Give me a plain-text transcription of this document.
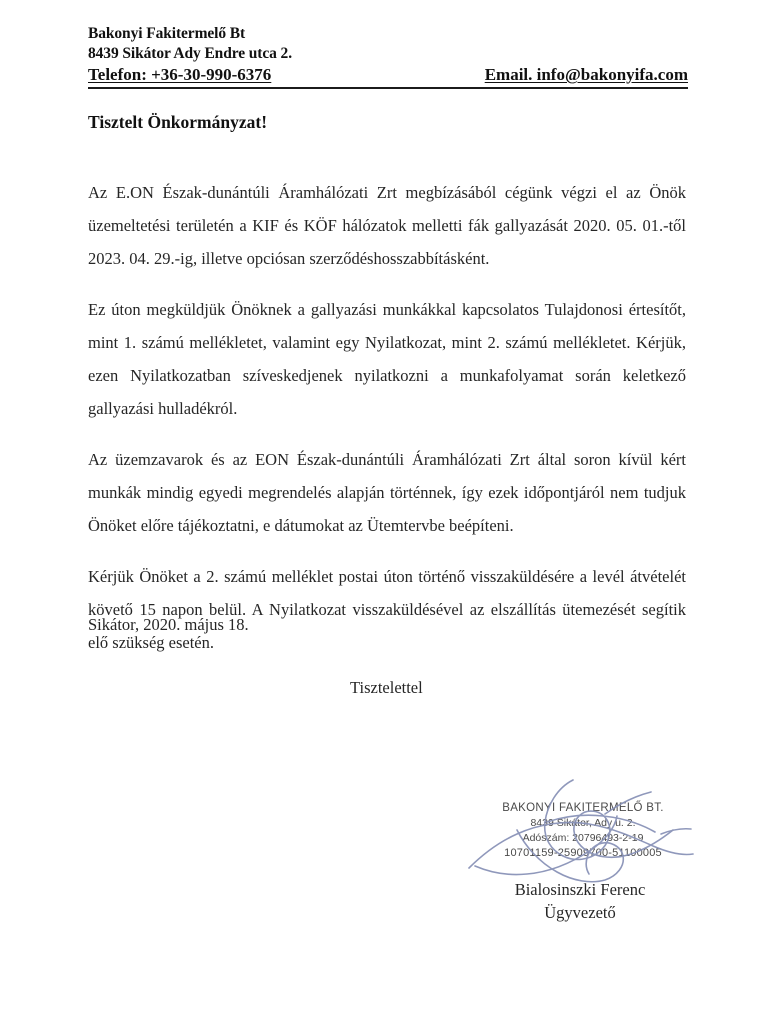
Bakonyi Fakitermelő Bt
8439 Sikátor Ady Endre utca 2.
Telefon: +36-30-990-6376	Email. info@bakonyifa.com
Tisztelt Önkormányzat!

Az E.ON Észak-dunántúli Áramhálózati Zrt megbízásából cégünk végzi el az Önök üzemeltetési területén a KIF és KÖF hálózatok melletti fák gallyazását 2020. 05. 01.-től 2023. 04. 29.-ig, illetve opciósan szerződéshosszabbításként.

Ez úton megküldjük Önöknek a gallyazási munkákkal kapcsolatos Tulajdonosi értesítőt, mint 1. számú mellékletet, valamint egy Nyilatkozat, mint 2. számú mellékletet. Kérjük, ezen Nyilatkozatban szíveskedjenek nyilatkozni a munkafolyamat során keletkező gallyazási hulladékról.

Az üzemzavarok és az EON Észak-dunántúli Áramhálózati Zrt által soron kívül kért munkák mindig egyedi megrendelés alapján történnek, így ezek időpontjáról nem tudjuk Önöket előre tájékoztatni, e dátumokat az Ütemtervbe beépíteni.

Kérjük Önöket a 2. számú melléklet postai úton történő visszaküldésére a levél átvételét követő 15 napon belül. A Nyilatkozat visszaküldésével az elszállítás ütemezését segítik elő szükség esetén.

Sikátor, 2020. május 18.
Tisztelettel
BAKONYI FAKITERMELŐ BT.
8439 Sikátor, Ady u. 2.
Adószám: 20796493-2-19
10701159-25909700-51100005
Bialosinszki Ferenc
Ügyvezető
